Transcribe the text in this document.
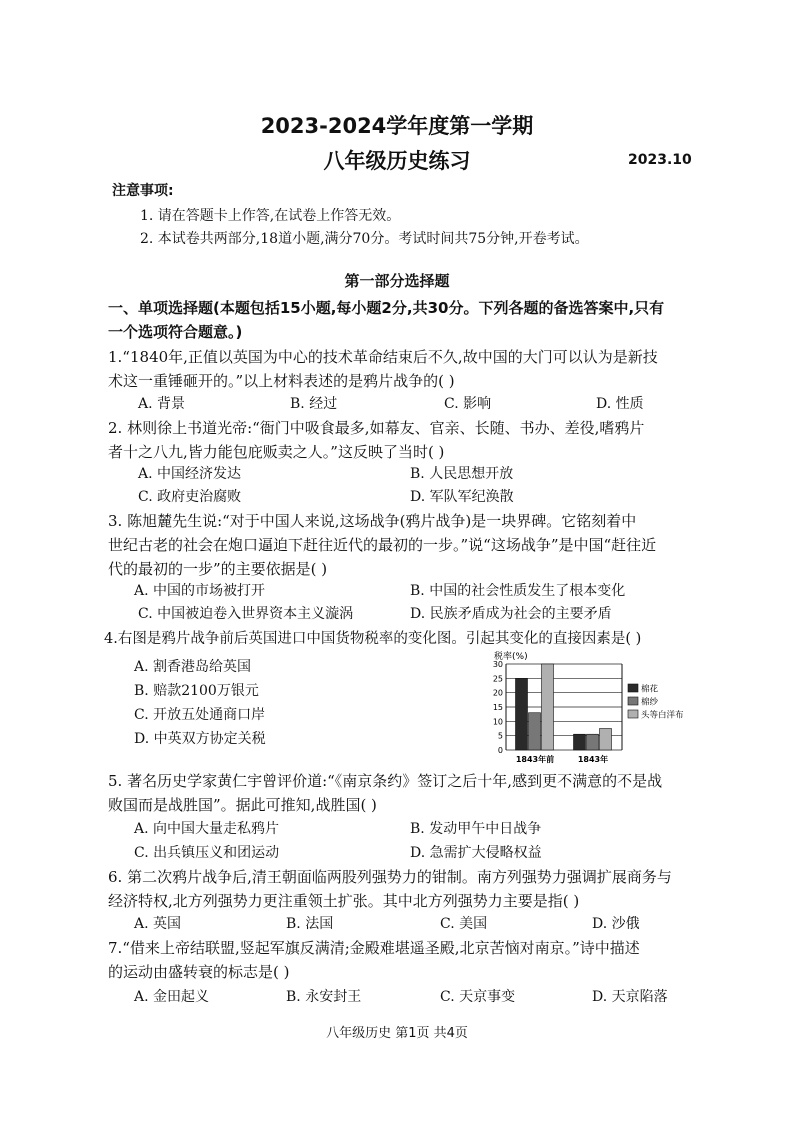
2023-2024学年度第一学期
八年级历史练习	2023.10
注意事项:
1. 请在答题卡上作答,在试卷上作答无效。
2. 本试卷共两部分,18道小题,满分70分。考试时间共75分钟,开卷考试。
第一部分选择题
一、单项选择题(本题包括15小题,每小题2分,共30分。下列各题的备选答案中,只有
一个选项符合题意。)
1.“1840年,正值以英国为中心的技术革命结束后不久,故中国的大门可以认为是新技
术这一重锤砸开的。”以上材料表述的是鸦片战争的( )
A. 背景	B. 经过	C. 影响	D. 性质
2. 林则徐上书道光帝:“衙门中吸食最多,如幕友、官亲、长随、书办、差役,嗜鸦片
者十之八九,皆力能包庇贩卖之人。”这反映了当时( )
A. 中国经济发达	B. 人民思想开放
C. 政府吏治腐败	D. 军队军纪涣散
3. 陈旭麓先生说:“对于中国人来说,这场战争(鸦片战争)是一块界碑。它铭刻着中
世纪古老的社会在炮口逼迫下赶往近代的最初的一步。”说“这场战争”是中国“赶往近
代的最初的一步”的主要依据是( )
A. 中国的市场被打开	B. 中国的社会性质发生了根本变化
C. 中国被迫卷入世界资本主义漩涡	D. 民族矛盾成为社会的主要矛盾
4.右图是鸦片战争前后英国进口中国货物税率的变化图。引起其变化的直接因素是( )
A. 割香港岛给英国
B. 赔款2100万银元
C. 开放五处通商口岸
D. 中英双方协定关税
税率(%)
0
5
10
15
20
25
30
1843年前	1843年
棉花
棉纱
头等白洋布
5. 著名历史学家黄仁宇曾评价道:“《南京条约》签订之后十年,感到更不满意的不是战
败国而是战胜国”。据此可推知,战胜国( )
A. 向中国大量走私鸦片	B. 发动甲午中日战争
C. 出兵镇压义和团运动	D. 急需扩大侵略权益
6. 第二次鸦片战争后,清王朝面临两股列强势力的钳制。南方列强势力强调扩展商务与
经济特权,北方列强势力更注重领土扩张。其中北方列强势力主要是指( )
A. 英国	B. 法国	C. 美国	D. 沙俄
7.“借来上帝结联盟,竖起军旗反满清;金殿难堪遥圣殿,北京苦恼对南京。”诗中描述
的运动由盛转衰的标志是( )
A. 金田起义	B. 永安封王	C. 天京事变	D. 天京陷落
八年级历史 第1页 共4页
